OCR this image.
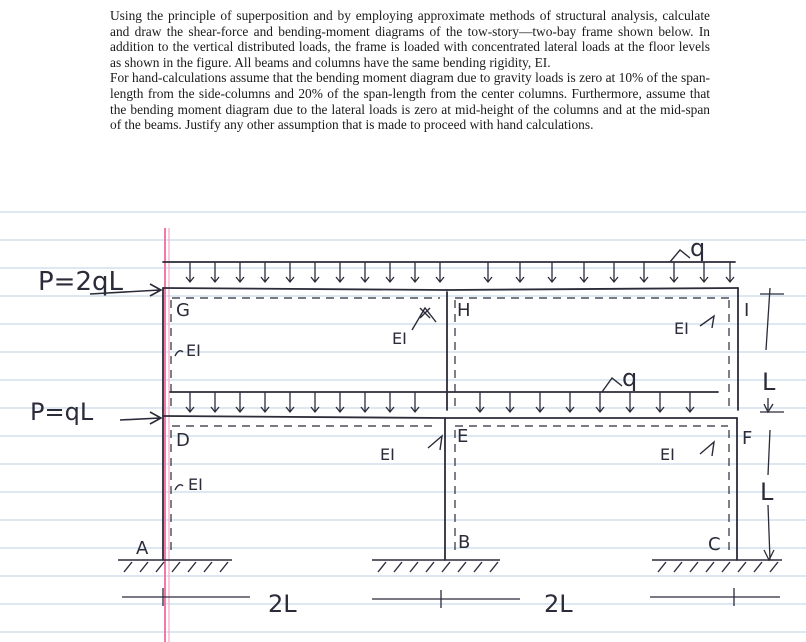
Using the principle of superposition and by employing approximate methods of structural analysis, calculate and draw the shear-force and bending-moment diagrams of the tow-story—two-bay frame shown below. In addition to the vertical distributed loads, the frame is loaded with concentrated lateral loads at the floor levels as shown in the figure. All beams and columns have the same bending rigidity, EI.

For hand-calculations assume that the bending moment diagram due to gravity loads is zero at 10% of the span-length from the side-columns and 20% of the span-length from the center columns. Furthermore, assume that the bending moment diagram due to the lateral loads is zero at mid-height of the columns and at the mid-span of the beams. Justify any other assumption that is made to proceed with hand calculations.

P=2qL
P=qL
q
q
G	H	I
D	E	F
A	B	C
EI
EI
EI
EI
EI	EI
2L	2L
L
L
